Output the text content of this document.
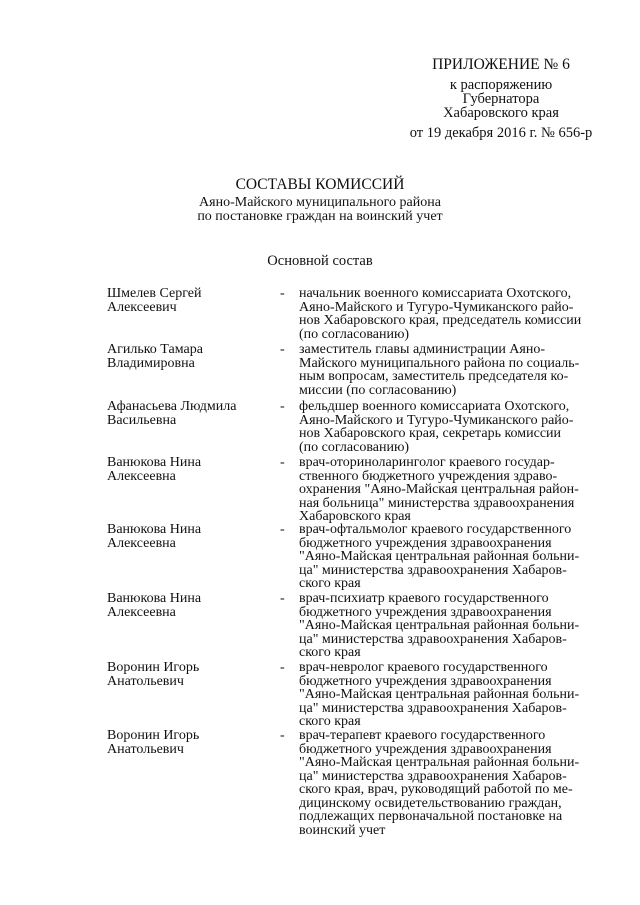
ПРИЛОЖЕНИЕ № 6
к распоряжению
Губернатора
Хабаровского края
от 19 декабря 2016 г. № 656-р
СОСТАВЫ КОМИССИЙ
Аяно-Майского муниципального района
по постановке граждан на воинский учет
Основной состав
Шмелев Сергей
Алексеевич
- начальник военного комиссариата Охотского,
Аяно-Майского и Тугуро-Чумиканского райо-
нов Хабаровского края, председатель комиссии
(по согласованию)
Агилько Тамара
Владимировна
- заместитель главы администрации Аяно-
Майского муниципального района по социаль-
ным вопросам, заместитель председателя ко-
миссии (по согласованию)
Афанасьева Людмила
Васильевна
- фельдшер военного комиссариата Охотского,
Аяно-Майского и Тугуро-Чумиканского райо-
нов Хабаровского края, секретарь комиссии
(по согласованию)
Ванюкова Нина
Алексеевна
- врач-оториноларинголог краевого государ-
ственного бюджетного учреждения здраво-
охранения "Аяно-Майская центральная район-
ная больница" министерства здравоохранения
Хабаровского края
Ванюкова Нина
Алексеевна
- врач-офтальмолог краевого государственного
бюджетного учреждения здравоохранения
"Аяно-Майская центральная районная больни-
ца" министерства здравоохранения Хабаров-
ского края
Ванюкова Нина
Алексеевна
- врач-психиатр краевого государственного
бюджетного учреждения здравоохранения
"Аяно-Майская центральная районная больни-
ца" министерства здравоохранения Хабаров-
ского края
Воронин Игорь
Анатольевич
- врач-невролог краевого государственного
бюджетного учреждения здравоохранения
"Аяно-Майская центральная районная больни-
ца" министерства здравоохранения Хабаров-
ского края
Воронин Игорь
Анатольевич
- врач-терапевт краевого государственного
бюджетного учреждения здравоохранения
"Аяно-Майская центральная районная больни-
ца" министерства здравоохранения Хабаров-
ского края, врач, руководящий работой по ме-
дицинскому освидетельствованию граждан,
подлежащих первоначальной постановке на
воинский учет
